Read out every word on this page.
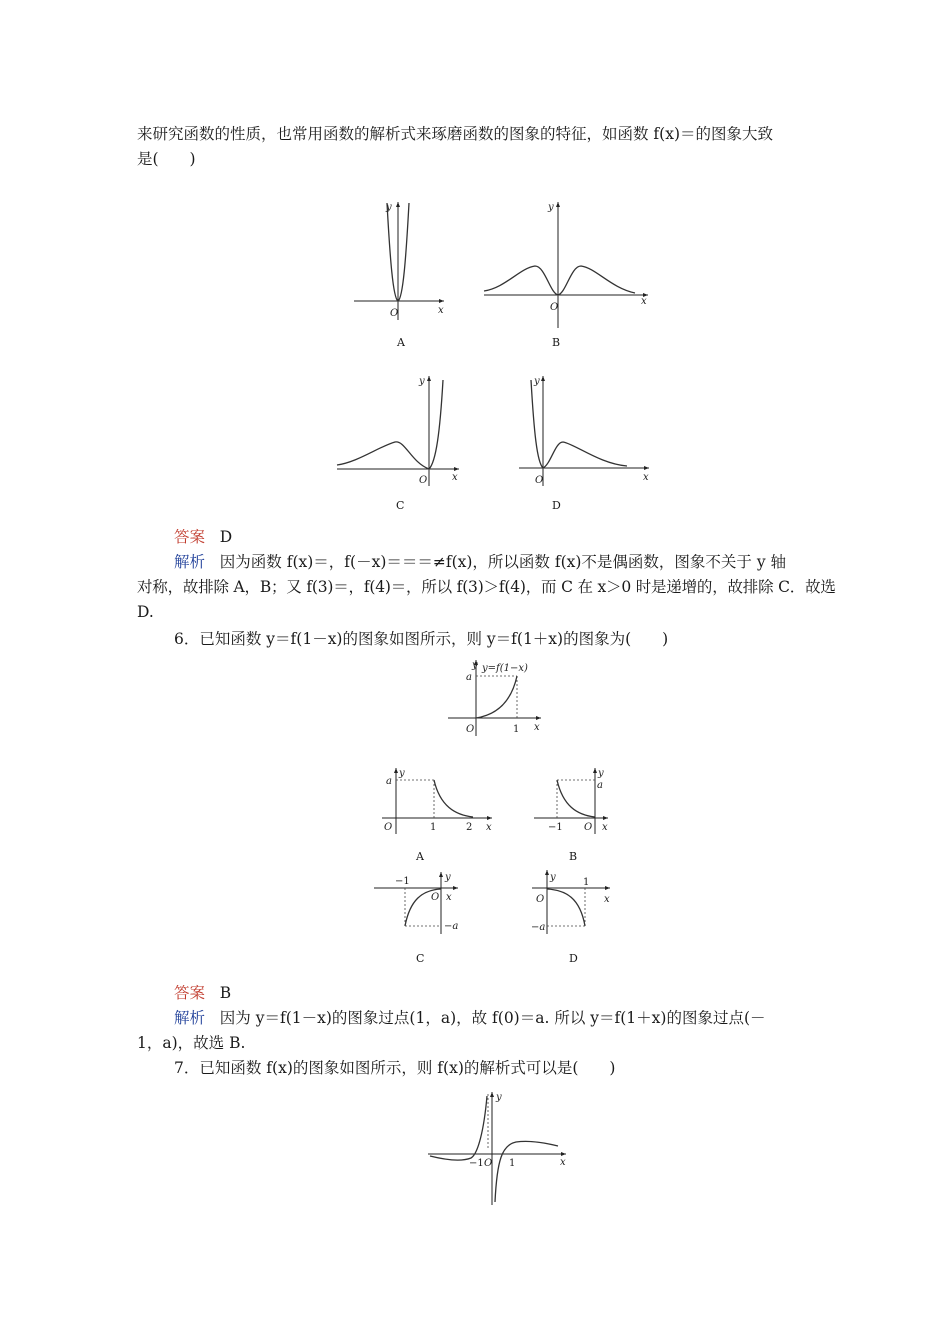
来研究函数的性质，也常用函数的解析式来琢磨函数的图象的特征，如函数 f(x)＝的图象大致
是(　　)
O	x
y
A
O
x
y
B
O x
y
C
O	x
y
D
答案 D
解析 因为函数 f(x)＝，f(－x)＝＝＝≠f(x)，所以函数 f(x)不是偶函数，图象不关于 y 轴
对称，故排除 A，B；又 f(3)＝，f(4)＝，所以 f(3)＞f(4)，而 C 在 x＞0 时是递增的，故排除 C．故选
D.
6．已知函数 y＝f(1－x)的图象如图所示，则 y＝f(1＋x)的图象为(　　)
a
y=f(1−x)
y
O	1 x
a
y
O	1	2 x
A
y
a
−1 O x
B
−1
O
y
x
−a
C
y	1
O	x
−a
D
答案 B
解析 因为 y＝f(1－x)的图象过点(1，a)，故 f(0)＝a. 所以 y＝f(1＋x)的图象过点(－
1，a)，故选 B.
7．已知函数 f(x)的图象如图所示，则 f(x)的解析式可以是(　　)
−1 O 1	x
y
